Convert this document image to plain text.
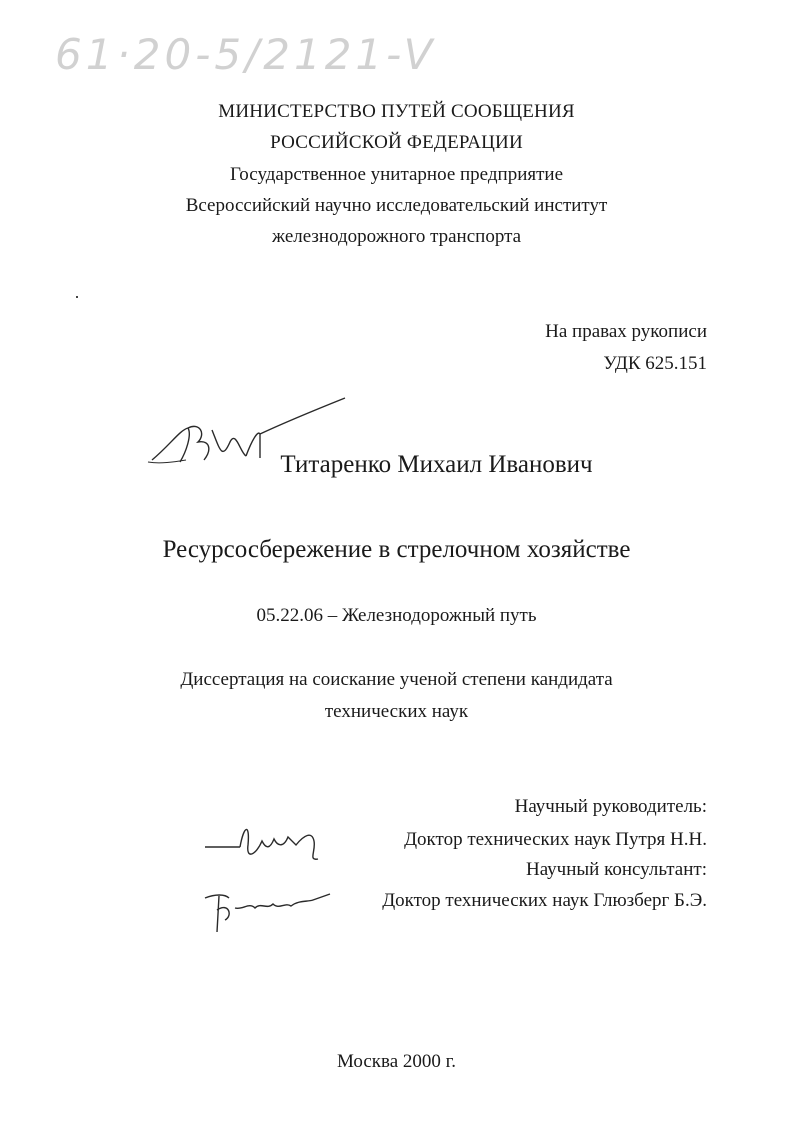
61·20-5/2121-V
МИНИСТЕРСТВО ПУТЕЙ СООБЩЕНИЯ
РОССИЙСКОЙ ФЕДЕРАЦИИ
Государственное унитарное предприятие
Всероссийский научно исследовательский институт
железнодорожного транспорта
На правах рукописи
УДК 625.151
Титаренко Михаил Иванович
Ресурсосбережение в стрелочном хозяйстве
05.22.06 – Железнодорожный путь
Диссертация на соискание ученой степени кандидата
технических наук
Научный руководитель:
Доктор технических наук Путря Н.Н.
Научный консультант:
Доктор технических наук Глюзберг Б.Э.
Москва 2000 г.
